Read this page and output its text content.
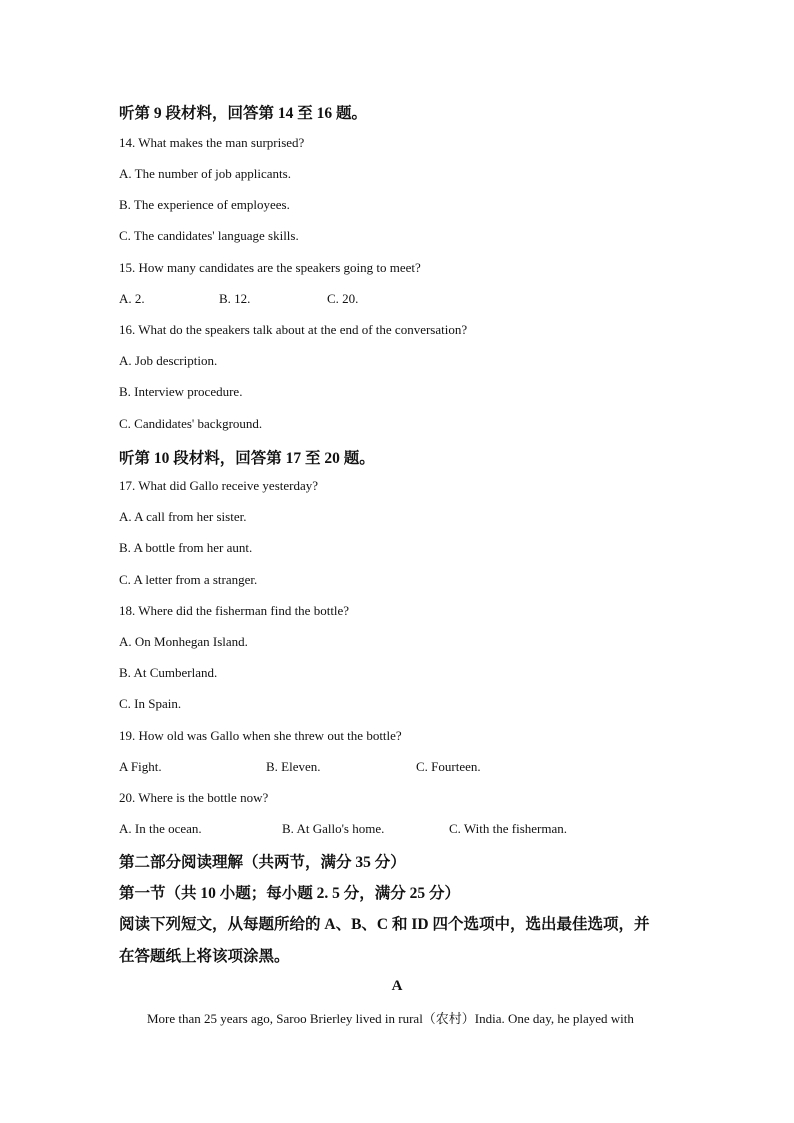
听第 9 段材料，回答第 14 至 16 题。
14. What makes the man surprised?
A. The number of job applicants.
B. The experience of employees.
C. The candidates' language skills.
15. How many candidates are the speakers going to meet?
A. 2.	B. 12.	C. 20.
16. What do the speakers talk about at the end of the conversation?
A. Job description.
B. Interview procedure.
C. Candidates' background.
听第 10 段材料，回答第 17 至 20 题。
17. What did Gallo receive yesterday?
A. A call from her sister.
B. A bottle from her aunt.
C. A letter from a stranger.
18. Where did the fisherman find the bottle?
A. On Monhegan Island.
B. At Cumberland.
C. In Spain.
19. How old was Gallo when she threw out the bottle?
A Fight.	B. Eleven.	C. Fourteen.
20. Where is the bottle now?
A. In the ocean.	B. At Gallo's home.	C. With the fisherman.
第二部分阅读理解（共两节，满分 35 分）
第一节（共 10 小题；每小题 2. 5 分，满分 25 分）
阅读下列短文，从每题所给的 A、B、C 和 ID 四个选项中，选出最佳选项，并
在答题纸上将该项涂黑。
A
More than 25 years ago, Saroo Brierley lived in rural（农村）India. One day, he played with
